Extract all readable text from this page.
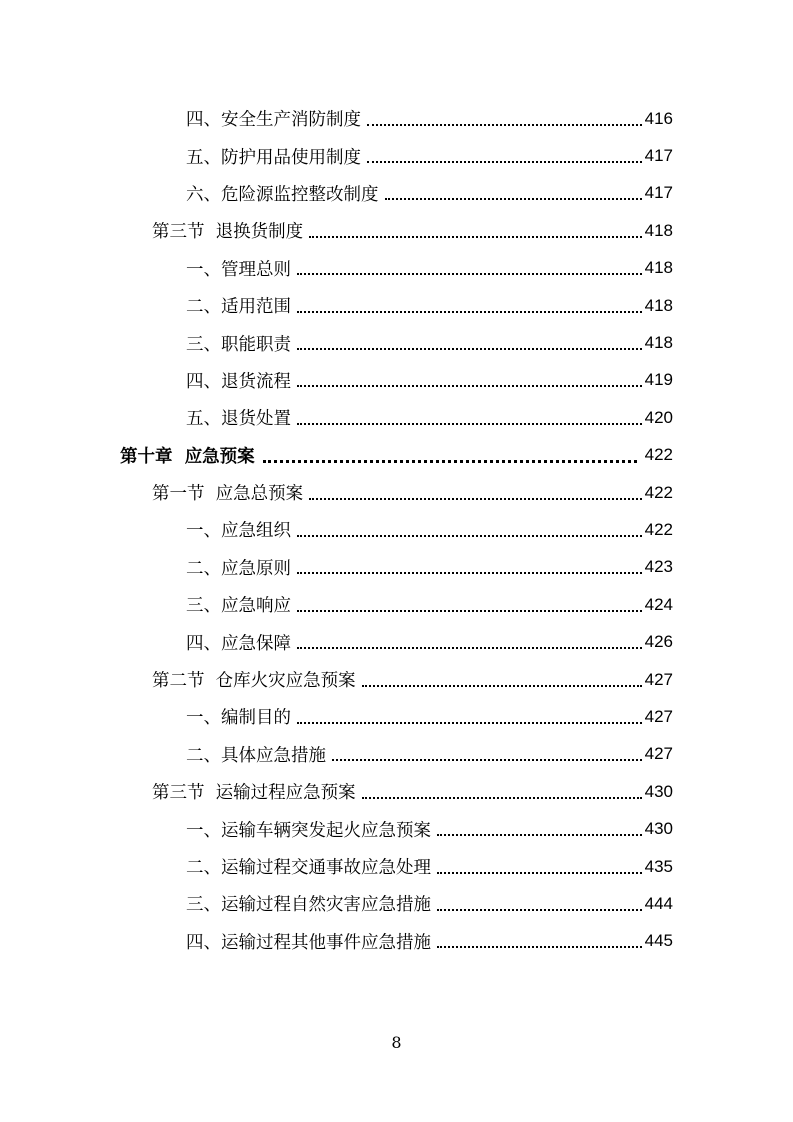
四、 安全生产消防制度	416
五、 防护用品使用制度	417
六、 危险源监控整改制度	417
第三节 退换货制度	418
一、 管理总则	418
二、 适用范围	418
三、 职能职责	418
四、 退货流程	419
五、 退货处置	420
第十章 应急预案	422
第一节 应急总预案	422
一、 应急组织	422
二、 应急原则	423
三、 应急响应	424
四、 应急保障	426
第二节 仓库火灾应急预案	427
一、 编制目的	427
二、 具体应急措施	427
第三节 运输过程应急预案	430
一、 运输车辆突发起火应急预案	430
二、 运输过程交通事故应急处理	435
三、 运输过程自然灾害应急措施	444
四、 运输过程其他事件应急措施	445
8
